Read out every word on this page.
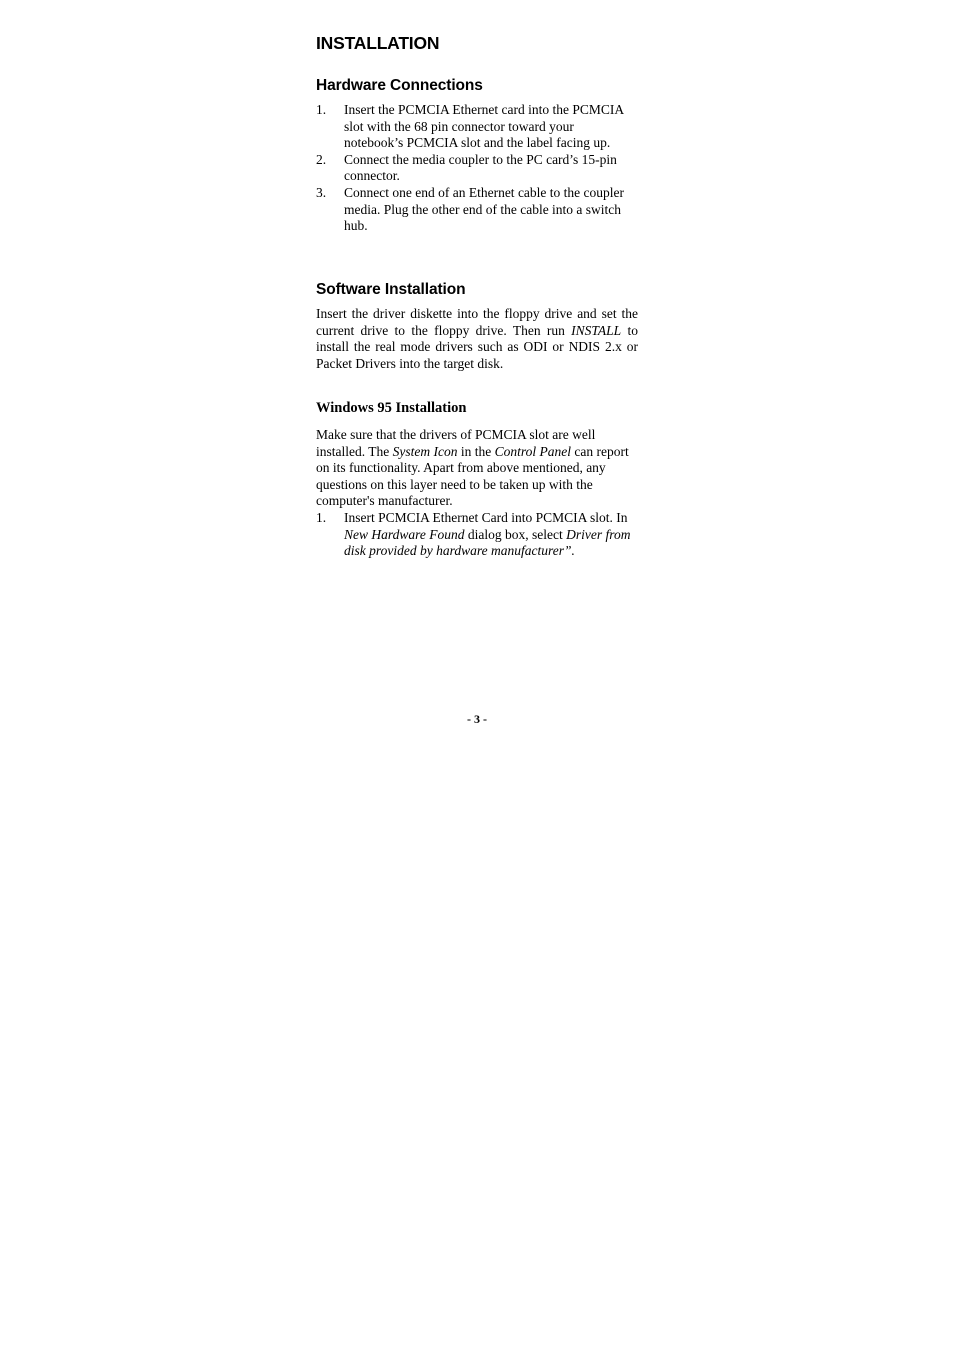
INSTALLATION
Hardware Connections
1. Insert the PCMCIA Ethernet card into the PCMCIA slot with the 68 pin connector toward your notebook’s PCMCIA slot and the label facing up.
2. Connect the media coupler to the PC card’s 15-pin connector.
3. Connect one end of an Ethernet cable to the coupler media. Plug the other end of the cable into a switch hub.
Software Installation

Insert the driver diskette into the floppy drive and set the current drive to the floppy drive. Then run INSTALL to install the real mode drivers such as ODI or NDIS 2.x or Packet Drivers into the target disk.

Windows 95 Installation

Make sure that the drivers of PCMCIA slot are well installed. The System Icon in the Control Panel can report on its functionality. Apart from above mentioned, any questions on this layer need to be taken up with the computer's manufacturer.

1. Insert PCMCIA Ethernet Card into PCMCIA slot. In New Hardware Found dialog box, select Driver from disk provided by hardware manufacturer”.
- 3 -
